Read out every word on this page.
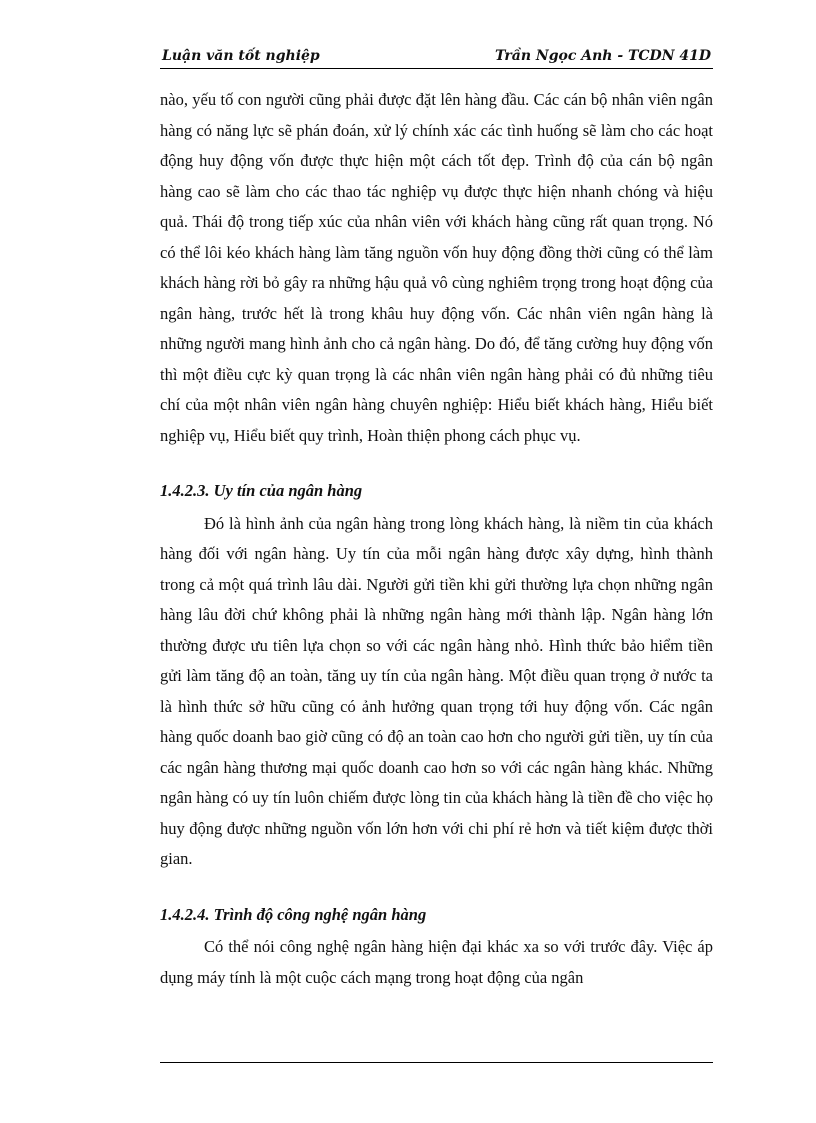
Luận văn tốt nghiệp	Trần Ngọc Anh - TCDN 41D

nào, yếu tố con người cũng phải được đặt lên hàng đầu. Các cán bộ nhân viên ngân hàng có năng lực sẽ phán đoán, xử lý chính xác các tình huống sẽ làm cho các hoạt động huy động vốn được thực hiện một cách tốt đẹp. Trình độ của cán bộ ngân hàng cao sẽ làm cho các thao tác nghiệp vụ được thực hiện nhanh chóng và hiệu quả. Thái độ trong tiếp xúc của nhân viên với khách hàng cũng rất quan trọng. Nó có thể lôi kéo khách hàng làm tăng nguồn vốn huy động đồng thời cũng có thể làm khách hàng rời bỏ gây ra những hậu quả vô cùng nghiêm trọng trong hoạt động của ngân hàng, trước hết là trong khâu huy động vốn. Các nhân viên ngân hàng là những người mang hình ảnh cho cả ngân hàng. Do đó, để tăng cường huy động vốn thì một điều cực kỳ quan trọng là các nhân viên ngân hàng phải có đủ những tiêu chí của một nhân viên ngân hàng chuyên nghiệp: Hiểu biết khách hàng, Hiểu biết nghiệp vụ, Hiểu biết quy trình, Hoàn thiện phong cách phục vụ.

1.4.2.3. Uy tín của ngân hàng

Đó là hình ảnh của ngân hàng trong lòng khách hàng, là niềm tin của khách hàng đối với ngân hàng. Uy tín của mỗi ngân hàng được xây dựng, hình thành trong cả một quá trình lâu dài. Người gửi tiền khi gửi thường lựa chọn những ngân hàng lâu đời chứ không phải là những ngân hàng mới thành lập. Ngân hàng lớn thường được ưu tiên lựa chọn so với các ngân hàng nhỏ. Hình thức bảo hiểm tiền gửi làm tăng độ an toàn, tăng uy tín của ngân hàng. Một điều quan trọng ở nước ta là hình thức sở hữu cũng có ảnh hưởng quan trọng tới huy động vốn. Các ngân hàng quốc doanh bao giờ cũng có độ an toàn cao hơn cho người gửi tiền, uy tín của các ngân hàng thương mại quốc doanh cao hơn so với các ngân hàng khác. Những ngân hàng có uy tín luôn chiếm được lòng tin của khách hàng là tiền đề cho việc họ huy động được những nguồn vốn lớn hơn với chi phí rẻ hơn và tiết kiệm được thời gian.

1.4.2.4. Trình độ công nghệ ngân hàng

Có thể nói công nghệ ngân hàng hiện đại khác xa so với trước đây. Việc áp dụng máy tính là một cuộc cách mạng trong hoạt động của ngân
